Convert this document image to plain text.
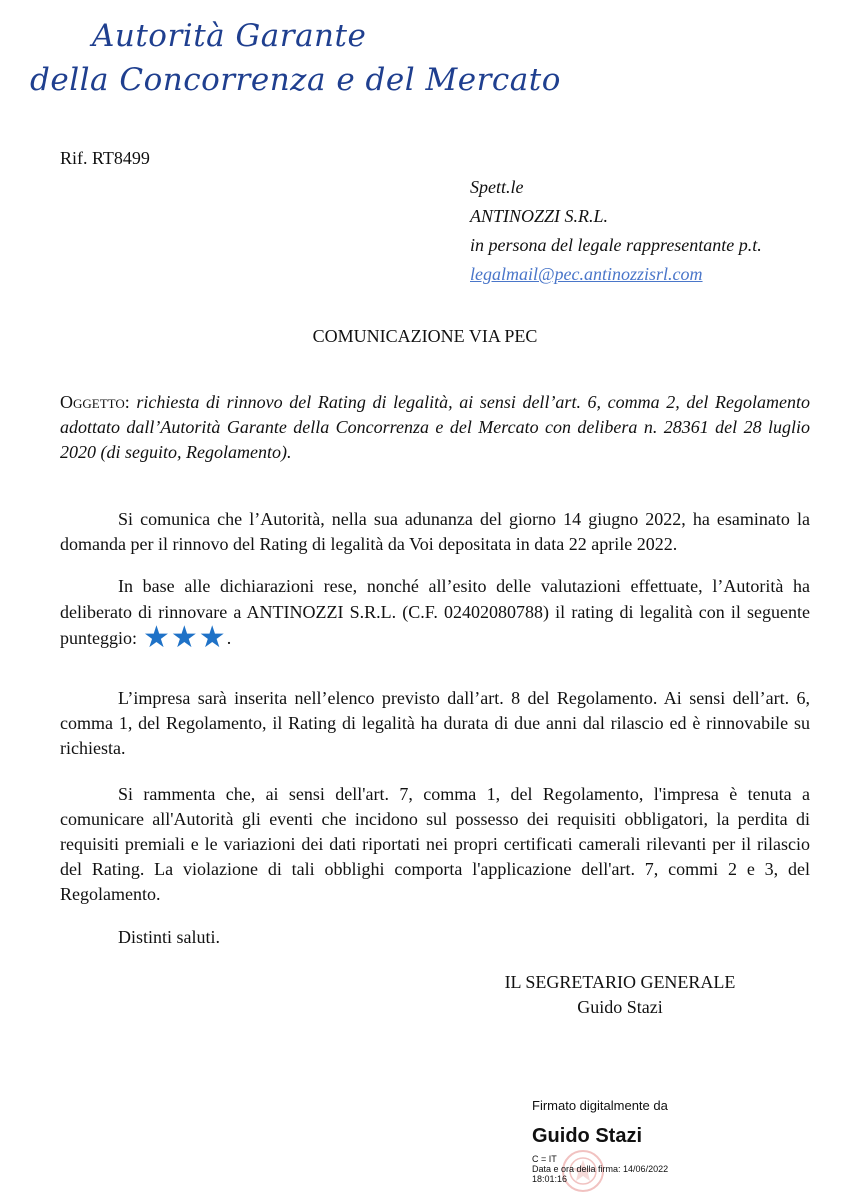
Autorità Garante
della Concorrenza e del Mercato
Rif. RT8499
Spett.le
ANTINOZZI S.R.L.
in persona del legale rappresentante p.t.
legalmail@pec.antinozzisrl.com
COMUNICAZIONE VIA PEC
Oggetto: richiesta di rinnovo del Rating di legalità, ai sensi dell’art. 6, comma 2, del Regolamento adottato dall’Autorità Garante della Concorrenza e del Mercato con delibera n. 28361 del 28 luglio 2020 (di seguito, Regolamento).
Si comunica che l’Autorità, nella sua adunanza del giorno 14 giugno 2022, ha esaminato la domanda per il rinnovo del Rating di legalità da Voi depositata in data 22 aprile 2022.
In base alle dichiarazioni rese, nonché all’esito delle valutazioni effettuate, l’Autorità ha deliberato di rinnovare a ANTINOZZI S.R.L. (C.F. 02402080788) il rating di legalità con il seguente punteggio: ★★★.
L’impresa sarà inserita nell’elenco previsto dall’art. 8 del Regolamento. Ai sensi dell’art. 6, comma 1, del Regolamento, il Rating di legalità ha durata di due anni dal rilascio ed è rinnovabile su richiesta.
Si rammenta che, ai sensi dell'art. 7, comma 1, del Regolamento, l'impresa è tenuta a comunicare all'Autorità gli eventi che incidono sul possesso dei requisiti obbligatori, la perdita di requisiti premiali e le variazioni dei dati riportati nei propri certificati camerali rilevanti per il rilascio del Rating. La violazione di tali obblighi comporta l'applicazione dell'art. 7, commi 2 e 3, del Regolamento.
Distinti saluti.
IL SEGRETARIO GENERALE
Guido Stazi
Firmato digitalmente da
Guido Stazi
C = IT
Data e ora della firma: 14/06/2022
18:01:16
